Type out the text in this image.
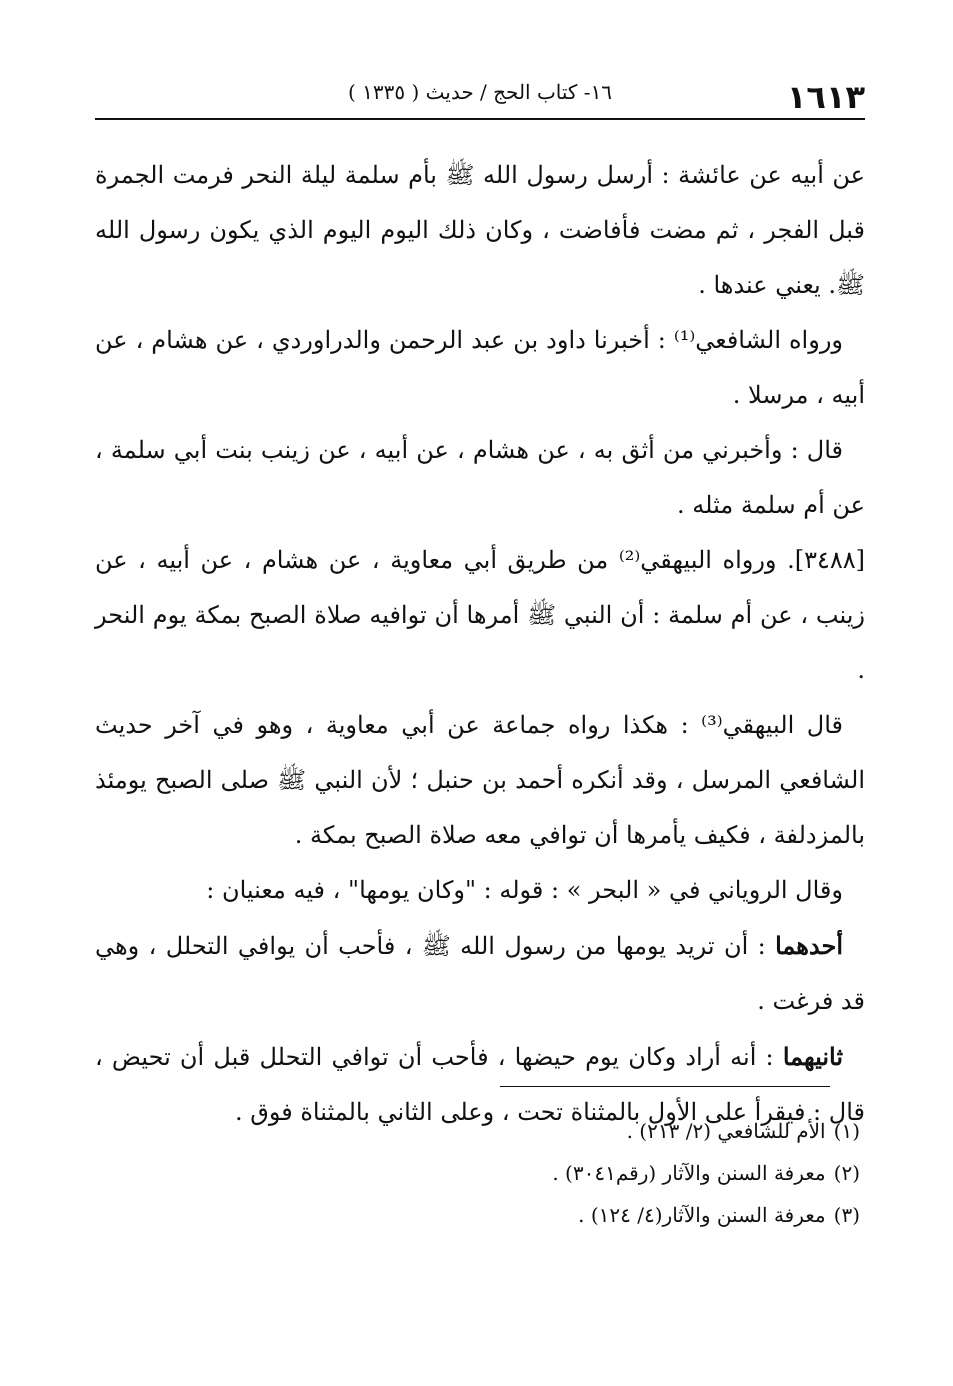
١٦١٣
١٦- كتاب الحج / حديث ( ١٣٣٥ )

عن أبيه عن عائشة : أرسل رسول الله ﷺ بأم سلمة ليلة النحر فرمت الجمرة قبل الفجر ، ثم مضت فأفاضت ، وكان ذلك اليوم اليوم الذي يكون رسول الله ﷺ. يعني عندها .

ورواه الشافعي⁽¹⁾ : أخبرنا داود بن عبد الرحمن والدراوردي ، عن هشام ، عن أبيه ، مرسلا .

قال : وأخبرني من أثق به ، عن هشام ، عن أبيه ، عن زينب بنت أبي سلمة ، عن أم سلمة مثله .

[٣٤٨٨]. ورواه البيهقي⁽²⁾ من طريق أبي معاوية ، عن هشام ، عن أبيه ، عن زينب ، عن أم سلمة : أن النبي ﷺ أمرها أن توافيه صلاة الصبح بمكة يوم النحر .

قال البيهقي⁽³⁾ : هكذا رواه جماعة عن أبي معاوية ، وهو في آخر حديث الشافعي المرسل ، وقد أنكره أحمد بن حنبل ؛ لأن النبي ﷺ صلى الصبح يومئذ بالمزدلفة ، فكيف يأمرها أن توافي معه صلاة الصبح بمكة .

وقال الروياني في « البحر » : قوله : "وكان يومها" ، فيه معنيان :

أحدهما : أن تريد يومها من رسول الله ﷺ ، فأحب أن يوافي التحلل ، وهي قد فرغت .

ثانيهما : أنه أراد وكان يوم حيضها ، فأحب أن توافي التحلل قبل أن تحيض ، قال : فيقرأ على الأول بالمثناة تحت ، وعلى الثاني بالمثناة فوق .

(١)الأم للشافعي (٢/ ٢١٣) .

(٢)معرفة السنن والآثار (رقم٣٠٤١) .

(٣)معرفة السنن والآثار(٤/ ١٢٤) .
